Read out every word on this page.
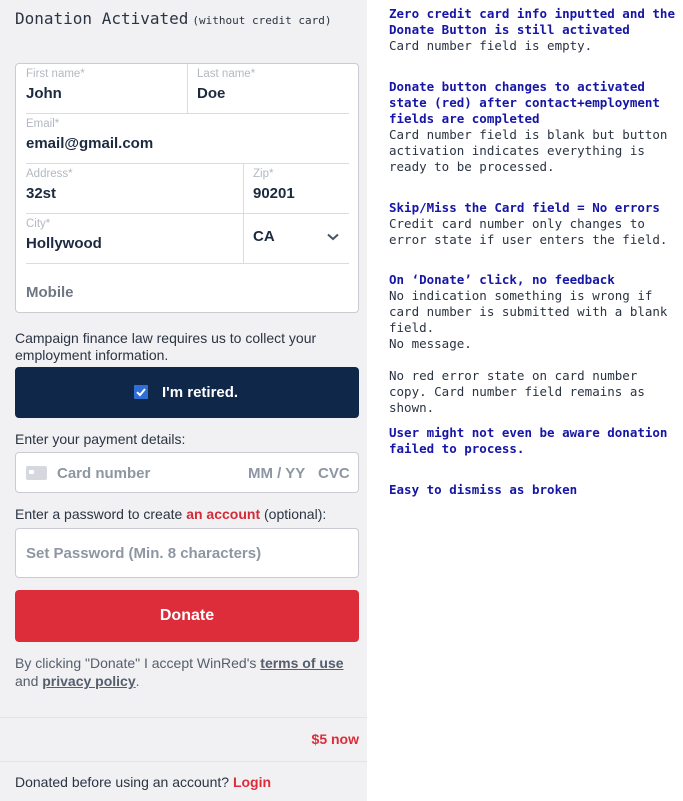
Donation Activated (without credit card)
First name*
John
Last name*
Doe
Email*
email@gmail.com
Address*
32st
Zip*
90201
City*
Hollywood	CA
Mobile
Campaign finance law requires us to collect your employment information.
I'm retired.
Enter your payment details:
Card number	MM / YY CVC
Enter a password to create an account (optional):
Donate
By clicking "Donate" I accept WinRed's terms of use and privacy policy.
$5 now
Donated before using an account? Login
Zero credit card info inputted and the Donate Button is still activated
Card number field is empty.
Donate button changes to activated state (red) after contact+employment fields are completed
Card number field is blank but button activation indicates everything is ready to be processed.
Skip/Miss the Card field = No errors
Credit card number only changes to error state if user enters the field.
On ‘Donate’ click, no feedback
No indication something is wrong if card number is submitted with a blank field.
No message.
No red error state on card number copy. Card number field remains as shown.
User might not even be aware donation failed to process.
Easy to dismiss as broken
